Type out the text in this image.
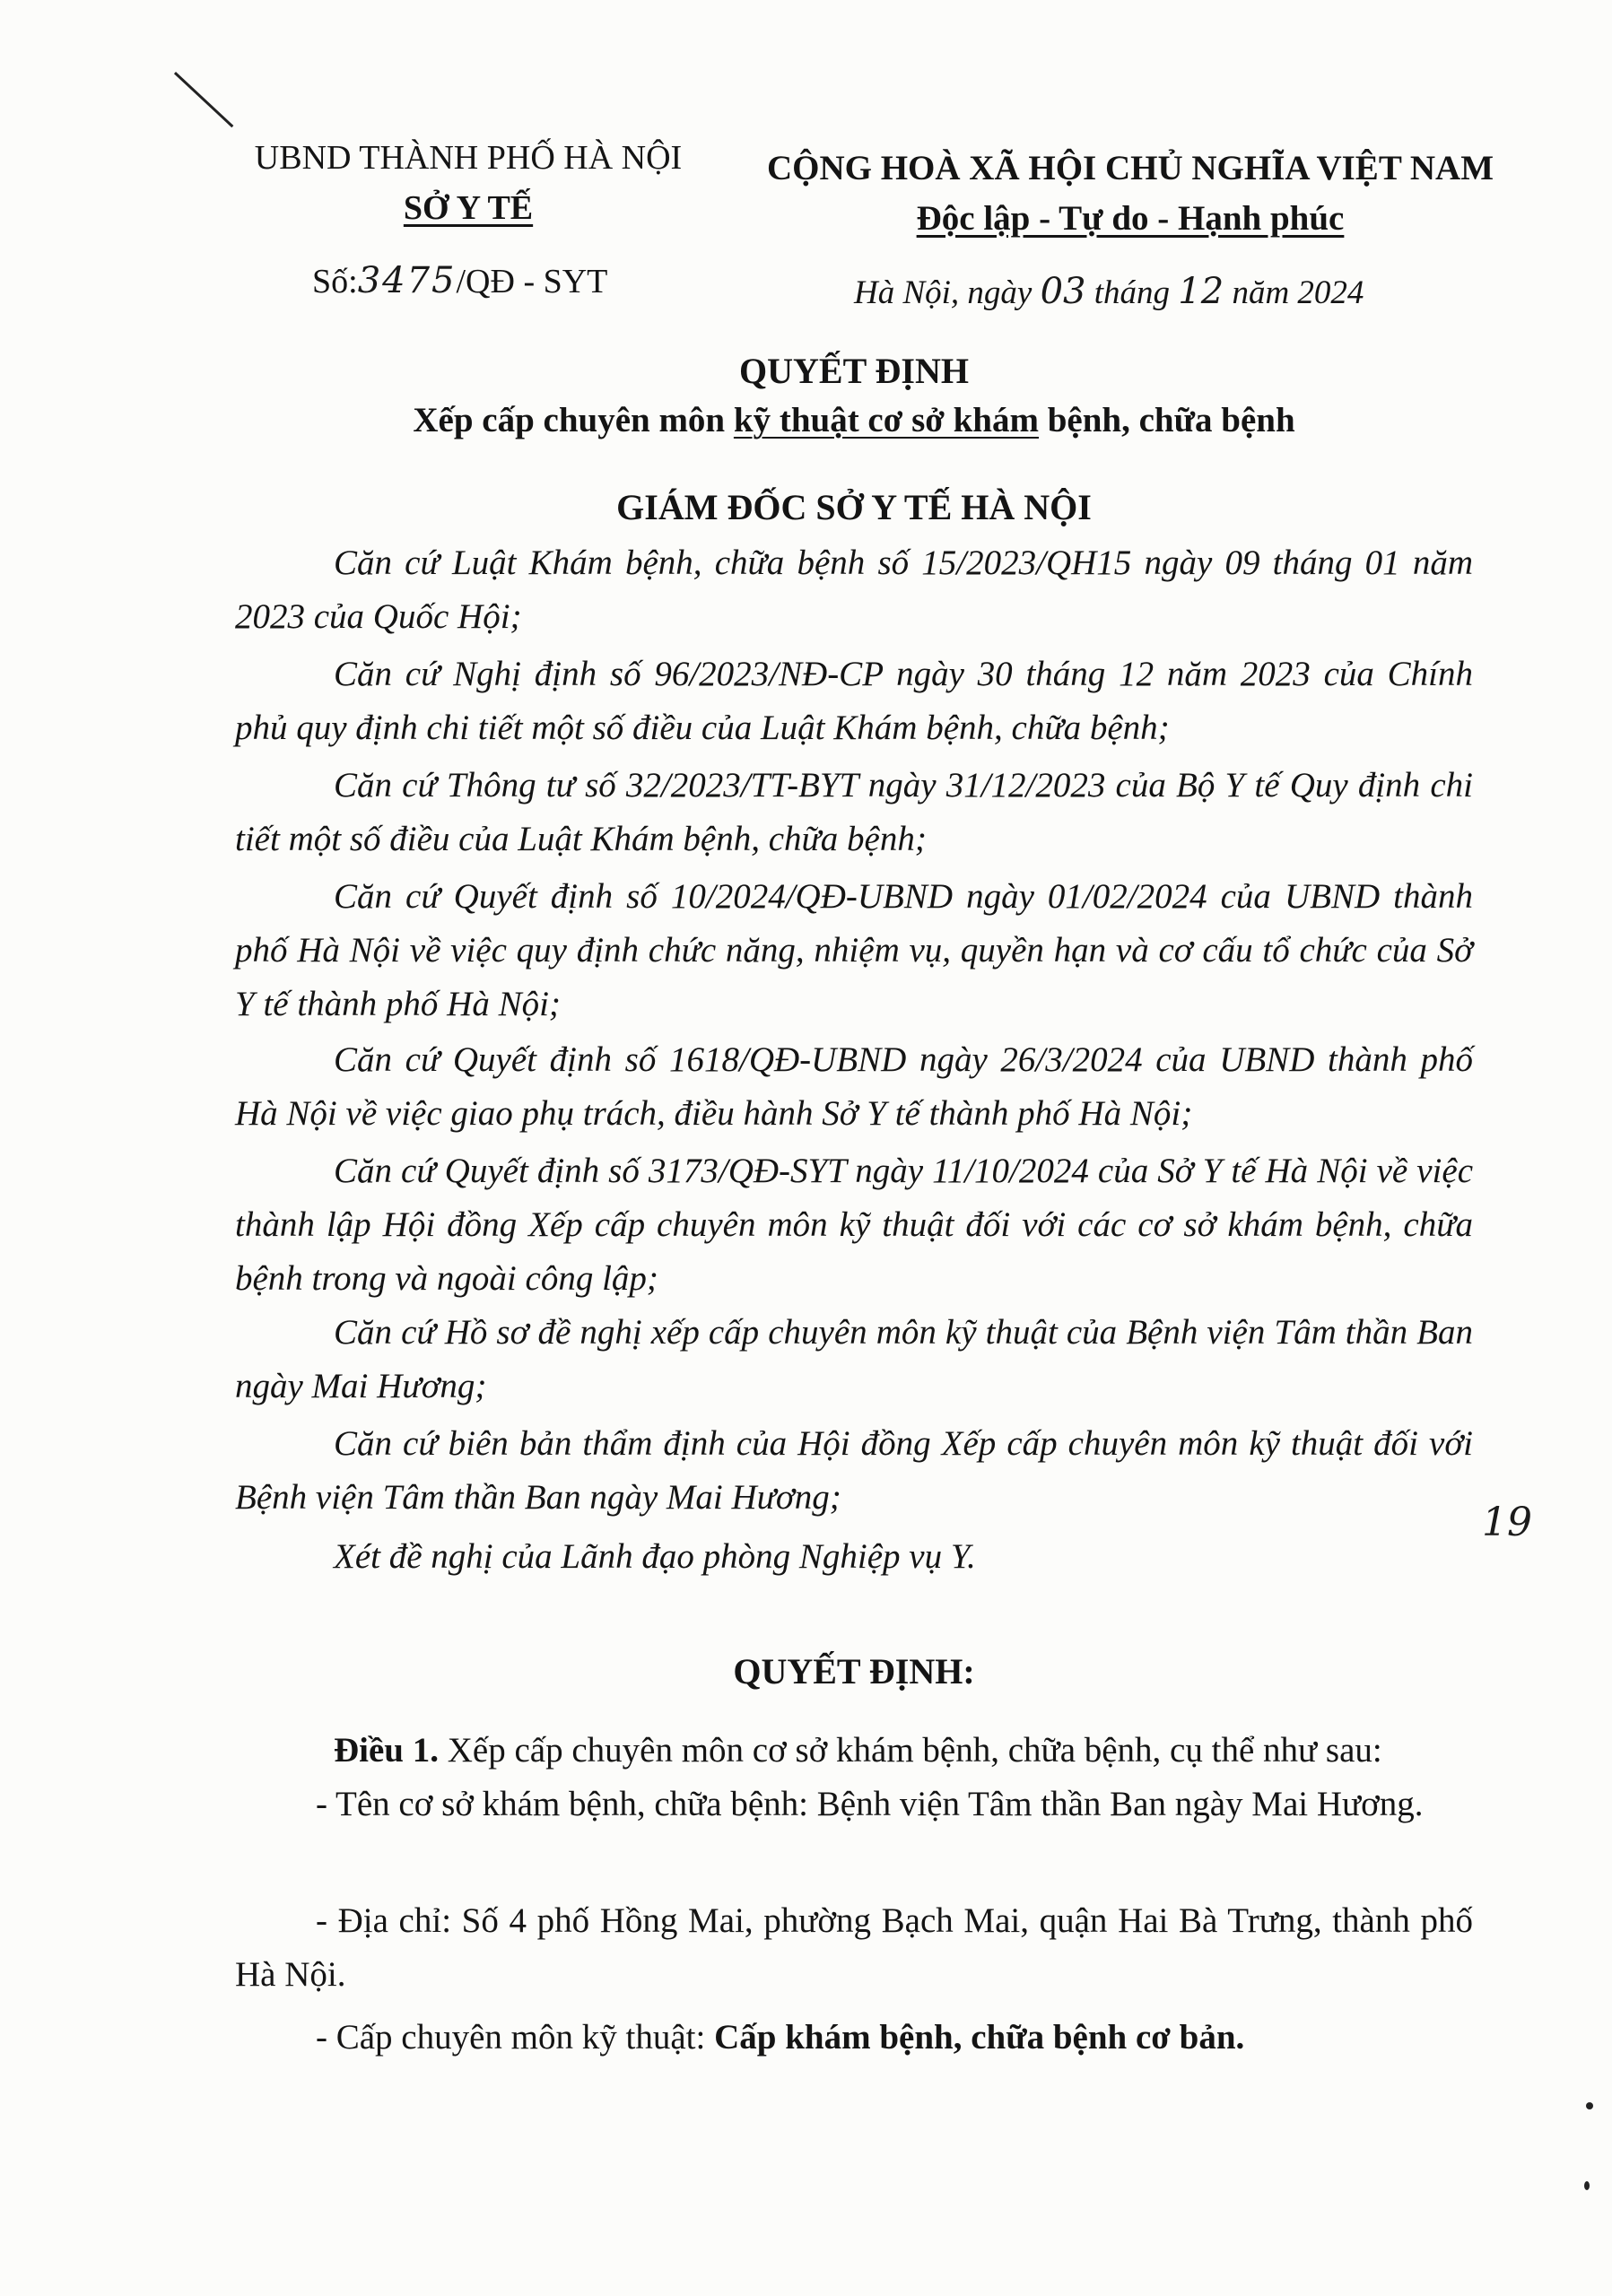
UBND THÀNH PHỐ HÀ NỘI
SỞ Y TẾ
Số:3475/QĐ - SYT
CỘNG HOÀ XÃ HỘI CHỦ NGHĨA VIỆT NAM
Độc lập - Tự do - Hạnh phúc
Hà Nội, ngày 03 tháng 12 năm 2024
QUYẾT ĐỊNH
Xếp cấp chuyên môn kỹ thuật cơ sở khám bệnh, chữa bệnh
GIÁM ĐỐC SỞ Y TẾ HÀ NỘI
Căn cứ Luật Khám bệnh, chữa bệnh số 15/2023/QH15 ngày 09 tháng 01 năm 2023 của Quốc Hội;
Căn cứ Nghị định số 96/2023/NĐ-CP ngày 30 tháng 12 năm 2023 của Chính phủ quy định chi tiết một số điều của Luật Khám bệnh, chữa bệnh;
Căn cứ Thông tư số 32/2023/TT-BYT ngày 31/12/2023 của Bộ Y tế Quy định chi tiết một số điều của Luật Khám bệnh, chữa bệnh;
Căn cứ Quyết định số 10/2024/QĐ-UBND ngày 01/02/2024 của UBND thành phố Hà Nội về việc quy định chức năng, nhiệm vụ, quyền hạn và cơ cấu tổ chức của Sở Y tế thành phố Hà Nội;
Căn cứ Quyết định số 1618/QĐ-UBND ngày 26/3/2024 của UBND thành phố Hà Nội về việc giao phụ trách, điều hành Sở Y tế thành phố Hà Nội;
Căn cứ Quyết định số 3173/QĐ-SYT ngày 11/10/2024 của Sở Y tế Hà Nội về việc thành lập Hội đồng Xếp cấp chuyên môn kỹ thuật đối với các cơ sở khám bệnh, chữa bệnh trong và ngoài công lập;
Căn cứ Hồ sơ đề nghị xếp cấp chuyên môn kỹ thuật của Bệnh viện Tâm thần Ban ngày Mai Hương;
Căn cứ biên bản thẩm định của Hội đồng Xếp cấp chuyên môn kỹ thuật đối với Bệnh viện Tâm thần Ban ngày Mai Hương;
Xét đề nghị của Lãnh đạo phòng Nghiệp vụ Y.
19
QUYẾT ĐỊNH:
Điều 1. Xếp cấp chuyên môn cơ sở khám bệnh, chữa bệnh, cụ thể như sau:
- Tên cơ sở khám bệnh, chữa bệnh: Bệnh viện Tâm thần Ban ngày Mai Hương.
- Địa chỉ: Số 4 phố Hồng Mai, phường Bạch Mai, quận Hai Bà Trưng, thành phố Hà Nội.
- Cấp chuyên môn kỹ thuật: Cấp khám bệnh, chữa bệnh cơ bản.
